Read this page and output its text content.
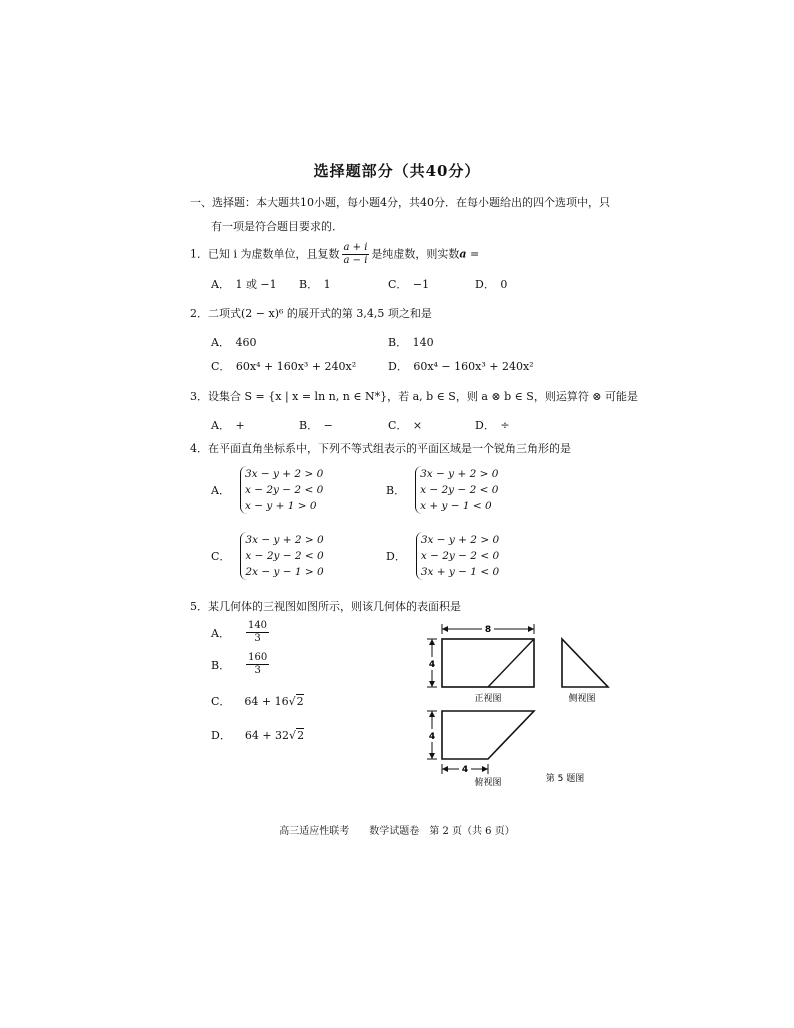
选择题部分（共40分）
一、选择题：本大题共10小题，每小题4分，共40分．在每小题给出的四个选项中，只
有一项是符合题目要求的．
1．已知 i 为虚数单位，且复数 $\frac{a + i}{a - i}$ 是纯虚数，则实数a =
A．　1 或 −1 B．　1	C．　−1	D．　0
2．二项式(2 − x)⁶ 的展开式的第 3,4,5 项之和是
A．　460	B．　140
C．　60x⁴ + 160x³ + 240x²	D．　60x⁴ − 160x³ + 240x²
3．设集合 S = {x | x = ln n, n ∈ N*}，若 a, b ∈ S，则 a ⊗ b ∈ S，则运算符 ⊗ 可能是
A．　+	B．　−	C．　×	D．　÷
4．在平面直角坐标系中，下列不等式组表示的平面区域是一个锐角三角形的是
A．
3x − y + 2 > 0
x − 2y − 2 < 0
x − y + 1 > 0
B．
3x − y + 2 > 0
x − 2y − 2 < 0
x + y − 1 < 0
C．
3x − y + 2 > 0
x − 2y − 2 < 0
2x − y − 1 > 0
D．
3x − y + 2 > 0
x − 2y − 2 < 0
3x + y − 1 < 0
5．某几何体的三视图如图所示，则该几何体的表面积是
A． $\frac{140}{3}$
B． $\frac{160}{3}$
C． 64 + 16√2
D． 64 + 32√2
8
4
正视图	侧视图
4
4
俯视图	第 5 题图
高三适应性联考　　数学试题卷　第 2 页（共 6 页）
